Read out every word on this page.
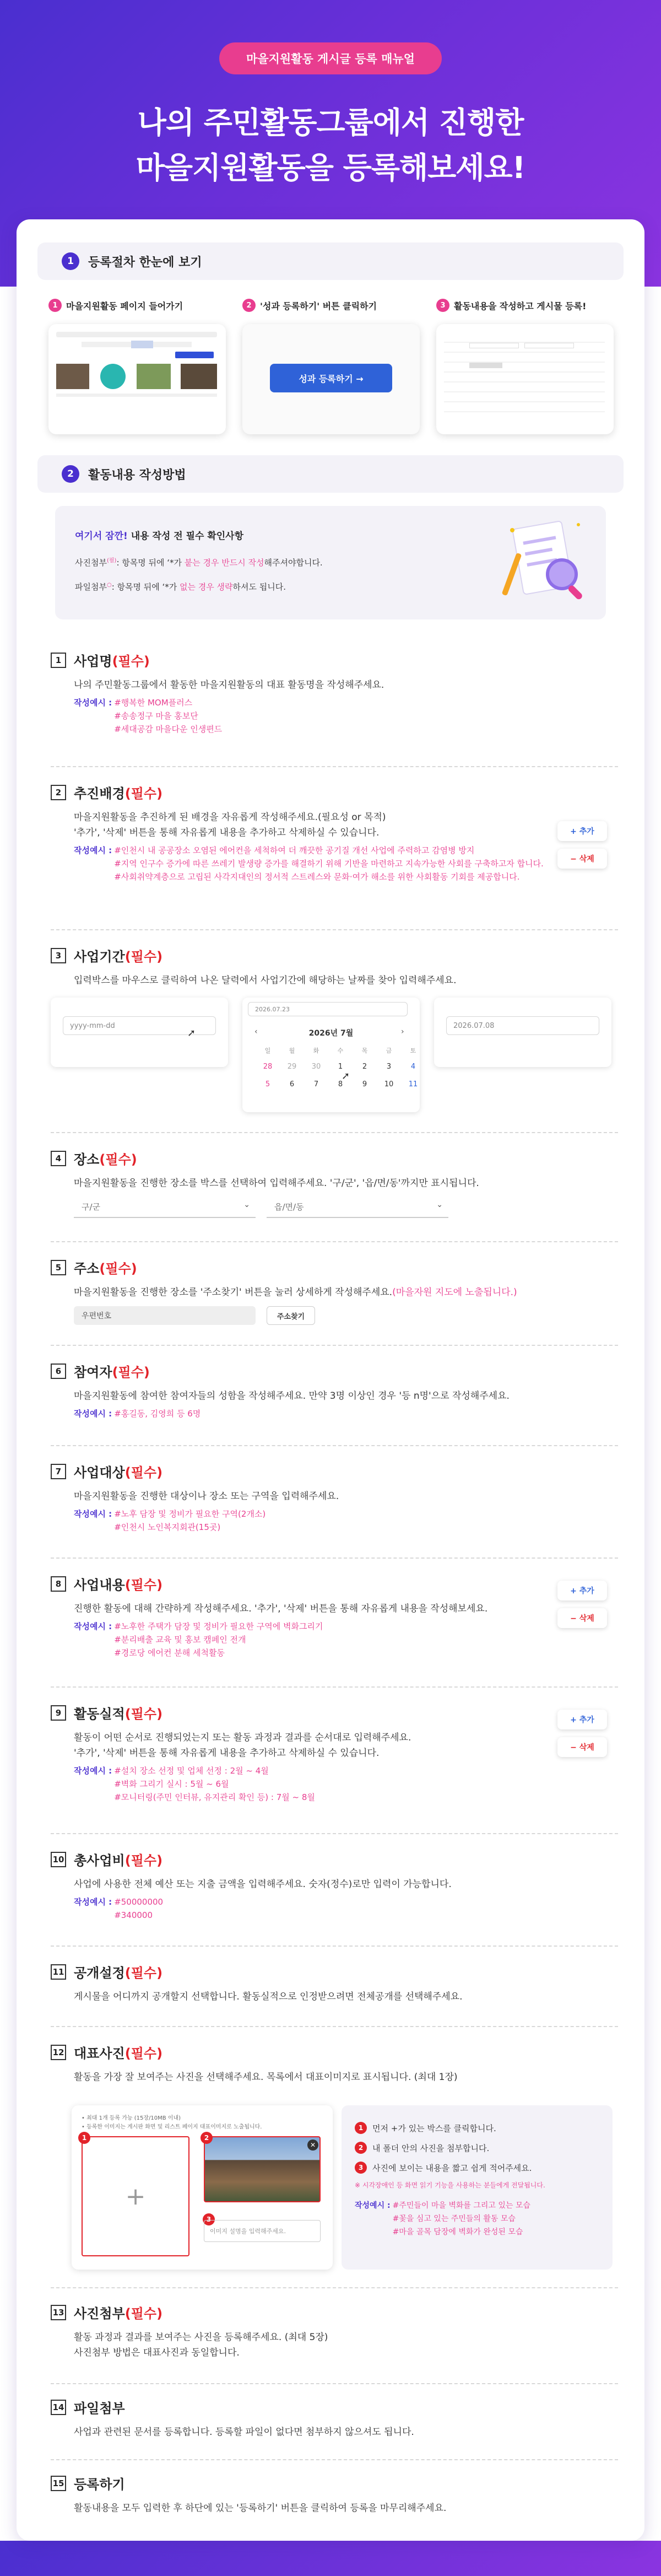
마을지원활동 게시글 등록 매뉴얼
나의 주민활동그룹에서 진행한
마을지원활동을 등록해보세요!
1	등록절차 한눈에 보기
1 마을지원활동 페이지 들어가기	2 '성과 등록하기' 버튼 클릭하기	3 활동내용을 작성하고 게시물 등록!
성과 등록하기 →
2	활동내용 작성방법
여기서 잠깐! 내용 작성 전 필수 확인사항
사진첨부$^{(필)}$: 항목명 뒤에 ‘*가 붙는 경우 반드시 작성해주셔야합니다.
파일첨부○: 항목명 뒤에 ‘*가 없는 경우 생략하셔도 됩니다.
1 사업명 (필수)
나의 주민활동그룹에서 활동한 마을지원활동의 대표 활동명을 작성해주세요.
작성예시 : #행복한 MOM플러스
#송송정구 마을 홍보단
#세대공감 마을다운 인생편드
2 추진배경 (필수)
마을지원활동을 추진하게 된 배경을 자유롭게 작성해주세요.(필요성 or 목적)
'추가', '삭제' 버튼을 통해 자유롭게 내용을 추가하고 삭제하실 수 있습니다.
작성예시 : #인천시 내 공공장소 오염된 에어컨을 세척하여 더 깨끗한 공기질 개선 사업에 주력하고 감염병 방지
#지역 인구수 증가에 따른 쓰레기 발생량 증가를 해결하기 위해 기반을 마련하고 지속가능한 사회를 구축하고자 합니다.
#사회취약계층으로 고립된 사각지대인의 정서적 스트레스와 문화·여가 해소를 위한 사회활동 기회를 제공합니다.
+ 추가
− 삭제
3 사업기간 (필수)
입력박스를 마우스로 클릭하여 나온 달력에서 사업기간에 해당하는 날짜를 찾아 입력해주세요.
yyyy-mm-dd
➚
2026.07.23
‹	2026년 7월	›
일	월	화	수	목	금	토
28	29	30	1	2	3	4
5	6	7	8	9	10	11
➚
2026.07.08
4 장소 (필수)
마을지원활동을 진행한 장소를 박스를 선택하여 입력해주세요. '구/군', '읍/면/동'까지만 표시됩니다.
구/군	⌄	읍/면/동	⌄
5 주소 (필수)
마을지원활동을 진행한 장소를 '주소찾기' 버튼을 눌러 상세하게 작성해주세요.(마을자원 지도에 노출됩니다.)
우편번호	주소찾기
6 참여자 (필수)
마을지원활동에 참여한 참여자들의 성함을 작성해주세요. 만약 3명 이상인 경우 '등 n명'으로 작성해주세요.
작성예시 : #홍길동, 김영희 등 6명
7 사업대상 (필수)
마을지원활동을 진행한 대상이나 장소 또는 구역을 입력해주세요.
작성예시 : #노후 담장 및 정비가 필요한 구역(2개소)
#인천시 노인복지회관(15곳)
8 사업내용 (필수)
진행한 활동에 대해 간략하게 작성해주세요. '추가', '삭제' 버튼을 통해 자유롭게 내용을 작성해보세요.
작성예시 : #노후한 주택가 담장 및 정비가 필요한 구역에 벽화그리기
#분리배출 교육 및 홍보 캠페인 전개
#경로당 에어컨 분해 세척활동
+ 추가
− 삭제
9 활동실적 (필수)
활동이 어떤 순서로 진행되었는지 또는 활동 과정과 결과를 순서대로 입력해주세요.
'추가', '삭제' 버튼을 통해 자유롭게 내용을 추가하고 삭제하실 수 있습니다.
작성예시 : #설치 장소 선정 및 업체 선정 : 2월 ~ 4월
#벽화 그리기 실시 : 5월 ~ 6월
#모니터링(주민 인터뷰, 유지관리 확인 등) : 7월 ~ 8월
+ 추가
− 삭제
10 총사업비 (필수)
사업에 사용한 전체 예산 또는 지출 금액을 입력해주세요. 숫자(정수)로만 입력이 가능합니다.
작성예시 : #50000000
#340000
11 공개설정 (필수)
게시물을 어디까지 공개할지 선택합니다. 활동실적으로 인정받으려면 전체공개를 선택해주세요.
12 대표사진 (필수)
활동을 가장 잘 보여주는 사진을 선택해주세요. 목록에서 대표이미지로 표시됩니다. (최대 1장)
• 최대 1개 등록 가능 (15장/10MB 이내)
• 등록한 이미지는 게시판 화면 및 리스트 페이지 대표이미지로 노출됩니다.
+
1	2
✕
3
이미지 설명을 입력해주세요.
1	먼저 +가 있는 박스를 클릭합니다.
2	내 폴더 안의 사진을 첨부합니다.
3	사진에 보이는 내용을 짧고 쉽게 적어주세요.
※ 시각장애인 등 화면 읽기 기능을 사용하는 분들에게 전달됩니다.
작성예시 : #주민들이 마을 벽화를 그리고 있는 모습
#꽃을 심고 있는 주민들의 활동 모습
#마을 골목 담장에 벽화가 완성된 모습
13 사진첨부 (필수)
활동 과정과 결과를 보여주는 사진을 등록해주세요. (최대 5장)
사진첨부 방법은 대표사진과 동일합니다.
14 파일첨부
사업과 관련된 문서를 등록합니다. 등록할 파일이 없다면 첨부하지 않으셔도 됩니다.
15 등록하기
활동내용을 모두 입력한 후 하단에 있는 '등록하기' 버튼을 클릭하여 등록을 마무리해주세요.
